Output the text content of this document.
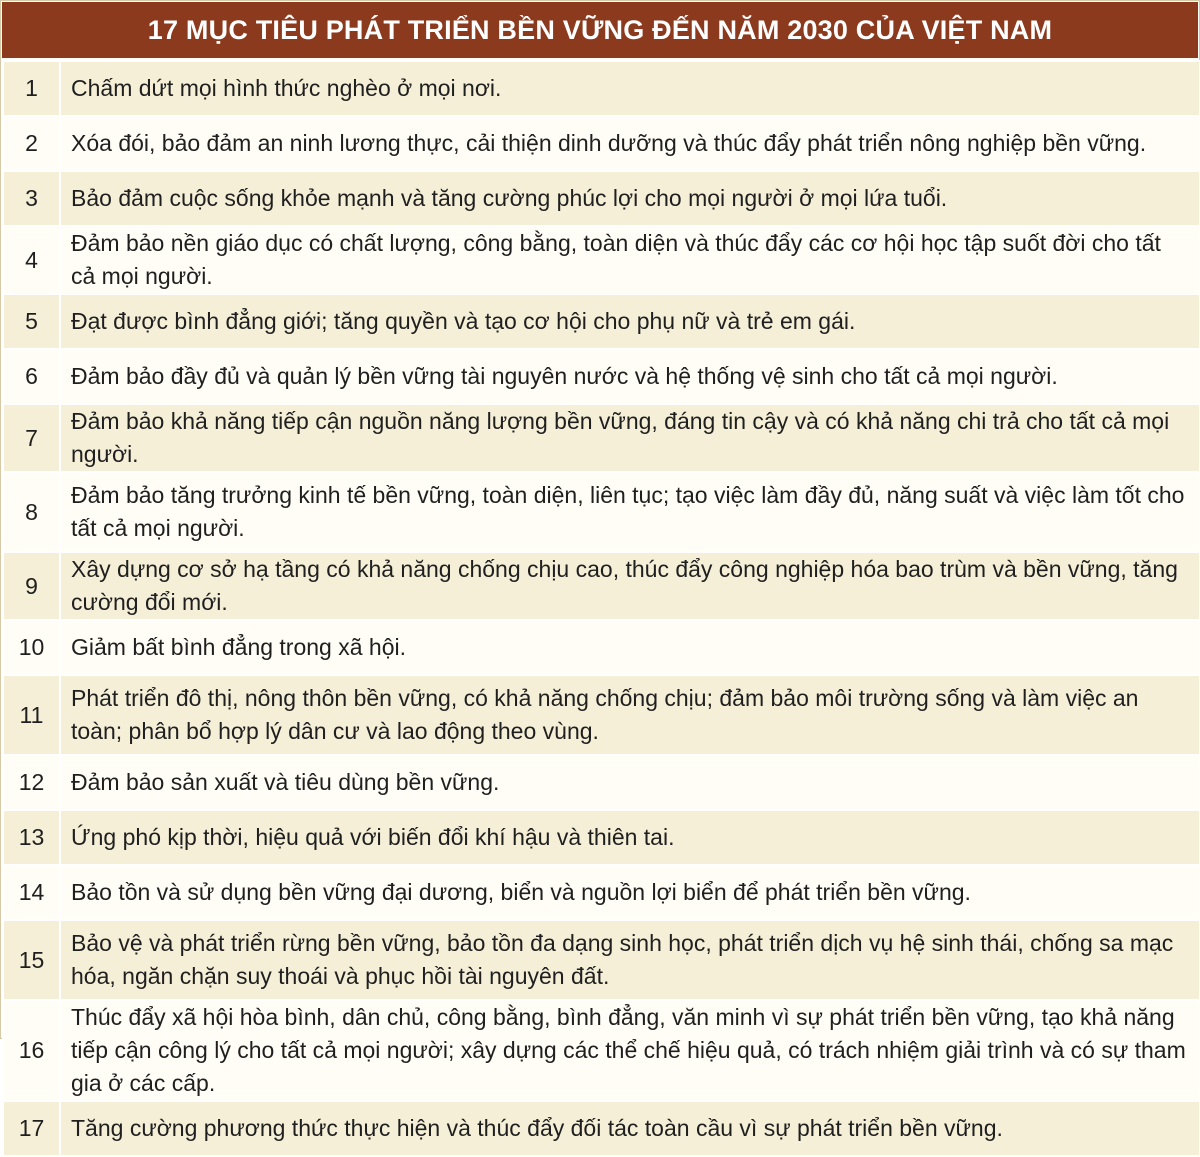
17 MỤC TIÊU PHÁT TRIỂN BỀN VỮNG ĐẾN NĂM 2030 CỦA VIỆT NAM
1	Chấm dứt mọi hình thức nghèo ở mọi nơi.
2	Xóa đói, bảo đảm an ninh lương thực, cải thiện dinh dưỡng và thúc đẩy phát triển nông nghiệp bền vững.
3	Bảo đảm cuộc sống khỏe mạnh và tăng cường phúc lợi cho mọi người ở mọi lứa tuổi.
4	Đảm bảo nền giáo dục có chất lượng, công bằng, toàn diện và thúc đẩy các cơ hội học tập suốt đời cho tất cả mọi người.
5	Đạt được bình đẳng giới; tăng quyền và tạo cơ hội cho phụ nữ và trẻ em gái.
6	Đảm bảo đầy đủ và quản lý bền vững tài nguyên nước và hệ thống vệ sinh cho tất cả mọi người.
7	Đảm bảo khả năng tiếp cận nguồn năng lượng bền vững, đáng tin cậy và có khả năng chi trả cho tất cả mọi người.
8	Đảm bảo tăng trưởng kinh tế bền vững, toàn diện, liên tục; tạo việc làm đầy đủ, năng suất và việc làm tốt cho tất cả mọi người.
9	Xây dựng cơ sở hạ tầng có khả năng chống chịu cao, thúc đẩy công nghiệp hóa bao trùm và bền vững, tăng cường đổi mới.
10	Giảm bất bình đẳng trong xã hội.
11	Phát triển đô thị, nông thôn bền vững, có khả năng chống chịu; đảm bảo môi trường sống và làm việc an toàn; phân bổ hợp lý dân cư và lao động theo vùng.
12	Đảm bảo sản xuất và tiêu dùng bền vững.
13	Ứng phó kịp thời, hiệu quả với biến đổi khí hậu và thiên tai.
14	Bảo tồn và sử dụng bền vững đại dương, biển và nguồn lợi biển để phát triển bền vững.
15	Bảo vệ và phát triển rừng bền vững, bảo tồn đa dạng sinh học, phát triển dịch vụ hệ sinh thái, chống sa mạc hóa, ngăn chặn suy thoái và phục hồi tài nguyên đất.
16	Thúc đẩy xã hội hòa bình, dân chủ, công bằng, bình đẳng, văn minh vì sự phát triển bền vững, tạo khả năng tiếp cận công lý cho tất cả mọi người; xây dựng các thể chế hiệu quả, có trách nhiệm giải trình và có sự tham gia ở các cấp.
17	Tăng cường phương thức thực hiện và thúc đẩy đối tác toàn cầu vì sự phát triển bền vững.
